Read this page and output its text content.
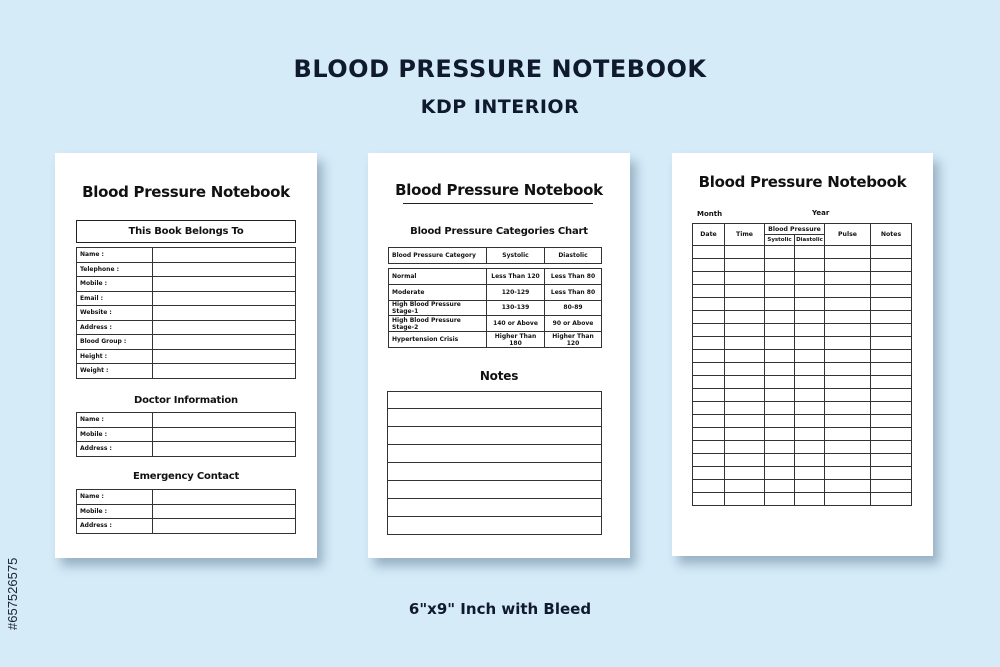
BLOOD PRESSURE NOTEBOOK
KDP INTERIOR
#657526575
Blood Pressure Notebook
This Book Belongs To
Name :	
Telephone :	
Mobile :	
Email :	
Website :	
Address :	
Blood Group :	
Height :	
Weight :	
Doctor Information
Name :	
Mobile :	
Address :	
Emergency Contact
Name :	
Mobile :	
Address :	
Blood Pressure Notebook
Blood Pressure Categories Chart
Blood Pressure Category	Systolic	Diastolic
Normal	Less Than 120	Less Than 80
Moderate	120-129	Less Than 80
High Blood Pressure Stage-1	130-139	80-89
High Blood Pressure Stage-2	140 or Above	90 or Above
Hypertension Crisis	Higher Than 180	Higher Than 120
Notes
Blood Pressure Notebook
Month	Year
Date	Time	Blood Pressure		Pulse	Notes
		Systolic	Diastolic		

6"x9" Inch with Bleed
